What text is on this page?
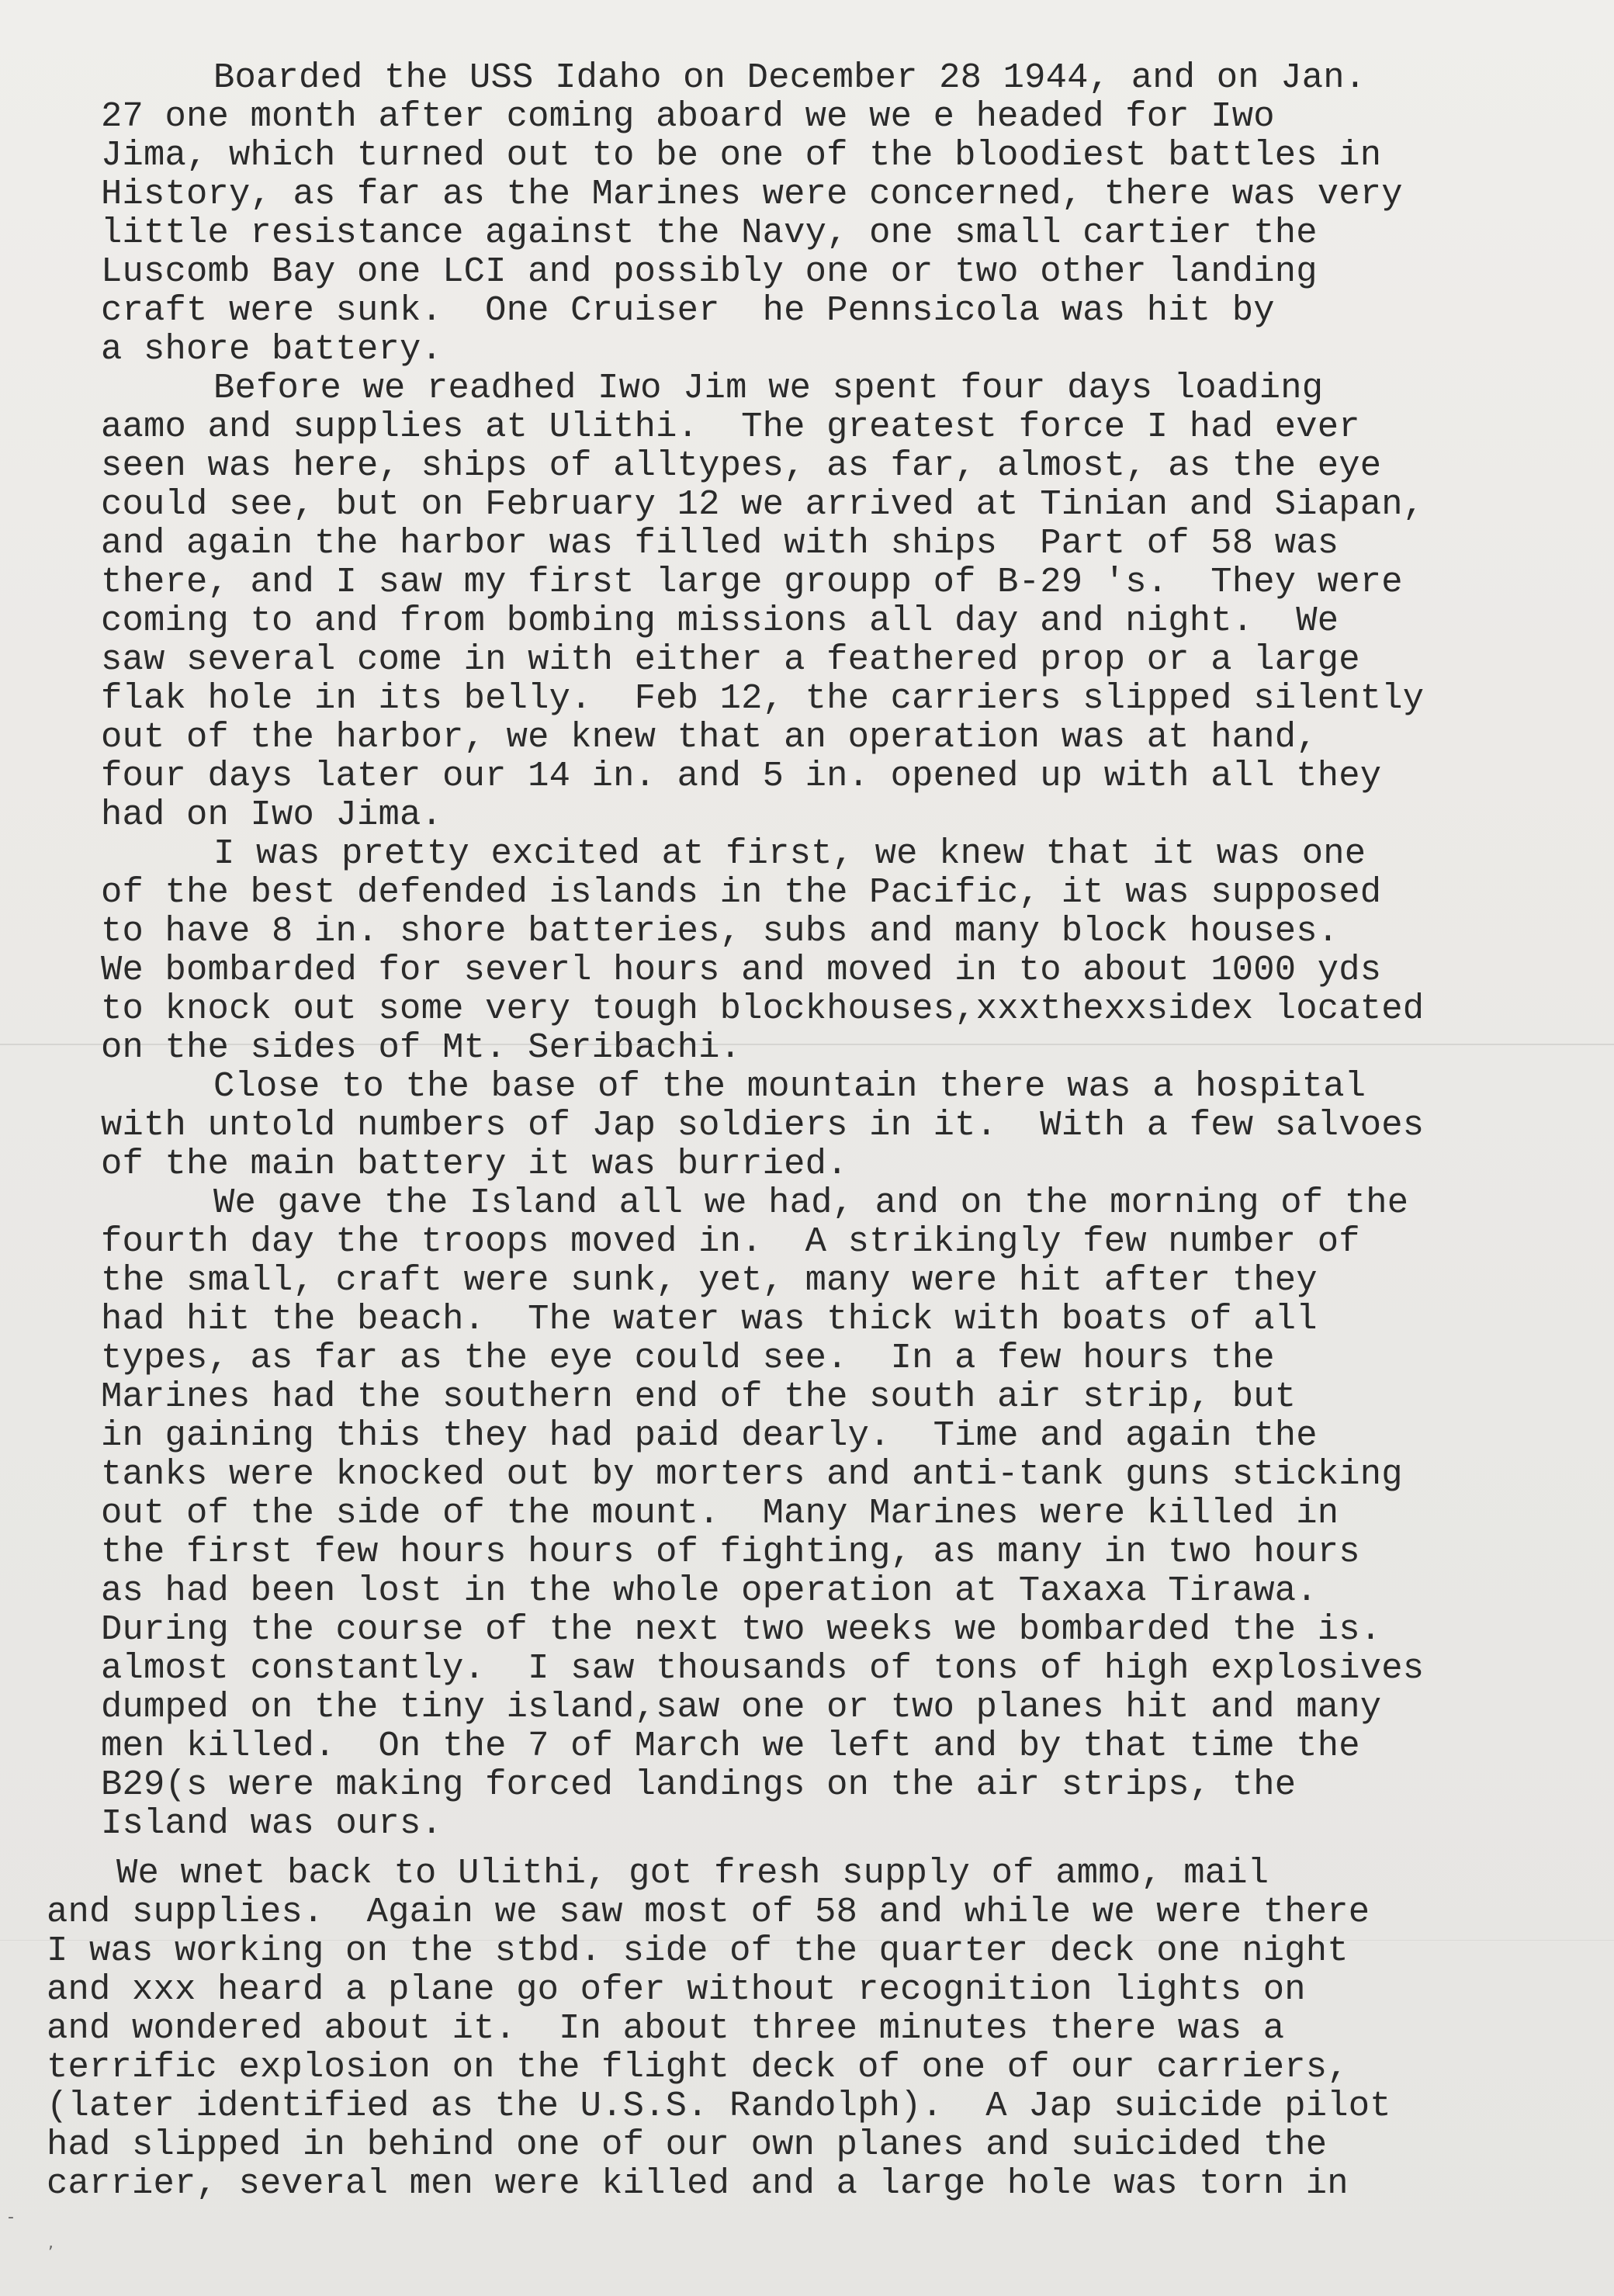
Boarded the USS Idaho on December 28 1944, and on Jan.
27 one month after coming aboard we we e headed for Iwo
Jima, which turned out to be one of the bloodiest battles in
History, as far as the Marines were concerned, there was very
little resistance against the Navy, one small cartier the
Luscomb Bay one LCI and possibly one or two other landing
craft were sunk.  One Cruiser  he Pennsicola was hit by
a shore battery.
Before we readhed Iwo Jim we spent four days loading
aamo and supplies at Ulithi.  The greatest force I had ever
seen was here, ships of alltypes, as far, almost, as the eye
could see, but on February 12 we arrived at Tinian and Siapan,
and again the harbor was filled with ships  Part of 58 was
there, and I saw my first large groupp of B-29 's.  They were
coming to and from bombing missions all day and night.  We
saw several come in with either a feathered prop or a large
flak hole in its belly.  Feb 12, the carriers slipped silently
out of the harbor, we knew that an operation was at hand,
four days later our 14 in. and 5 in. opened up with all they
had on Iwo Jima.
I was pretty excited at first, we knew that it was one
of the best defended islands in the Pacific, it was supposed
to have 8 in. shore batteries, subs and many block houses.
We bombarded for severl hours and moved in to about 1000 yds
to knock out some very tough blockhouses,xxxthexxsidex located
on the sides of Mt. Seribachi.
Close to the base of the mountain there was a hospital
with untold numbers of Jap soldiers in it.  With a few salvoes
of the main battery it was burried.
We gave the Island all we had, and on the morning of the
fourth day the troops moved in.  A strikingly few number of
the small, craft were sunk, yet, many were hit after they
had hit the beach.  The water was thick with boats of all
types, as far as the eye could see.  In a few hours the
Marines had the southern end of the south air strip, but
in gaining this they had paid dearly.  Time and again the
tanks were knocked out by morters and anti-tank guns sticking
out of the side of the mount.  Many Marines were killed in
the first few hours hours of fighting, as many in two hours
as had been lost in the whole operation at Taxaxa Tirawa.
During the course of the next two weeks we bombarded the is.
almost constantly.  I saw thousands of tons of high explosives
dumped on the tiny island,saw one or two planes hit and many
men killed.  On the 7 of March we left and by that time the
B29(s were making forced landings on the air strips, the
Island was ours.
We wnet back to Ulithi, got fresh supply of ammo, mail
and supplies.  Again we saw most of 58 and while we were there
I was working on the stbd. side of the quarter deck one night
and xxx heard a plane go ofer without recognition lights on
and wondered about it.  In about three minutes there was a
terrific explosion on the flight deck of one of our carriers,
(later identified as the U.S.S. Randolph).  A Jap suicide pilot
had slipped in behind one of our own planes and suicided the
carrier, several men were killed and a large hole was torn in
-
,
